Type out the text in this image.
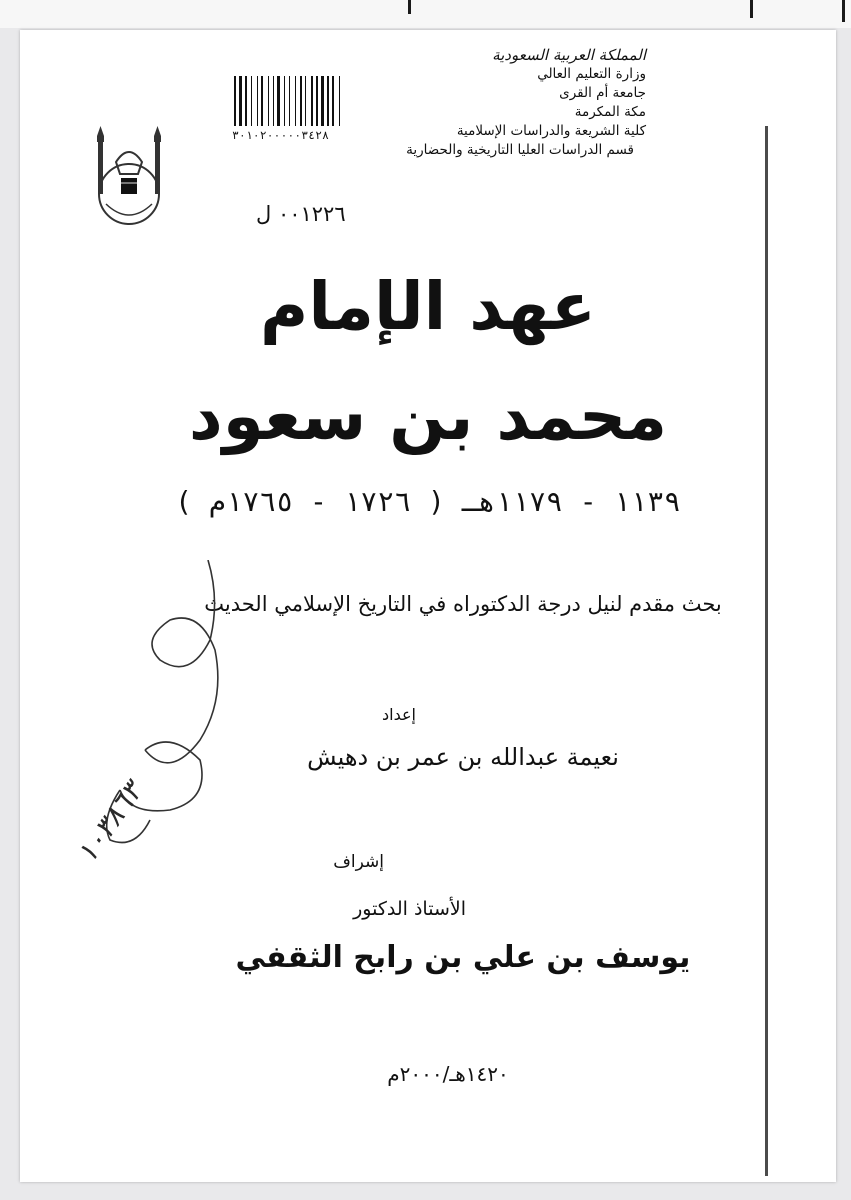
المملكة العربية السعودية
وزارة التعليم العالي
جامعة أم القرى
مكة المكرمة
كلية الشريعة والدراسات الإسلامية
قسم الدراسات العليا التاريخية والحضارية
٣٠١٠٢٠٠٠٠٠٣٤٢٨
٠٠١٢٢٦ ل
عهد الإمام
محمد بن سعود
١١٣٩ - ١١٧٩هـ ( ١٧٢٦ - ١٧٦٥م )
بحث مقدم لنيل درجة الدكتوراه في التاريخ الإسلامي الحديث
إعداد
نعيمة عبدالله بن عمر بن دهيش
إشراف
الأستاذ الدكتور
يوسف بن علي بن رابح الثقفي
١٤٢٠هـ/٢٠٠٠م
١٠٣٨٦٣
